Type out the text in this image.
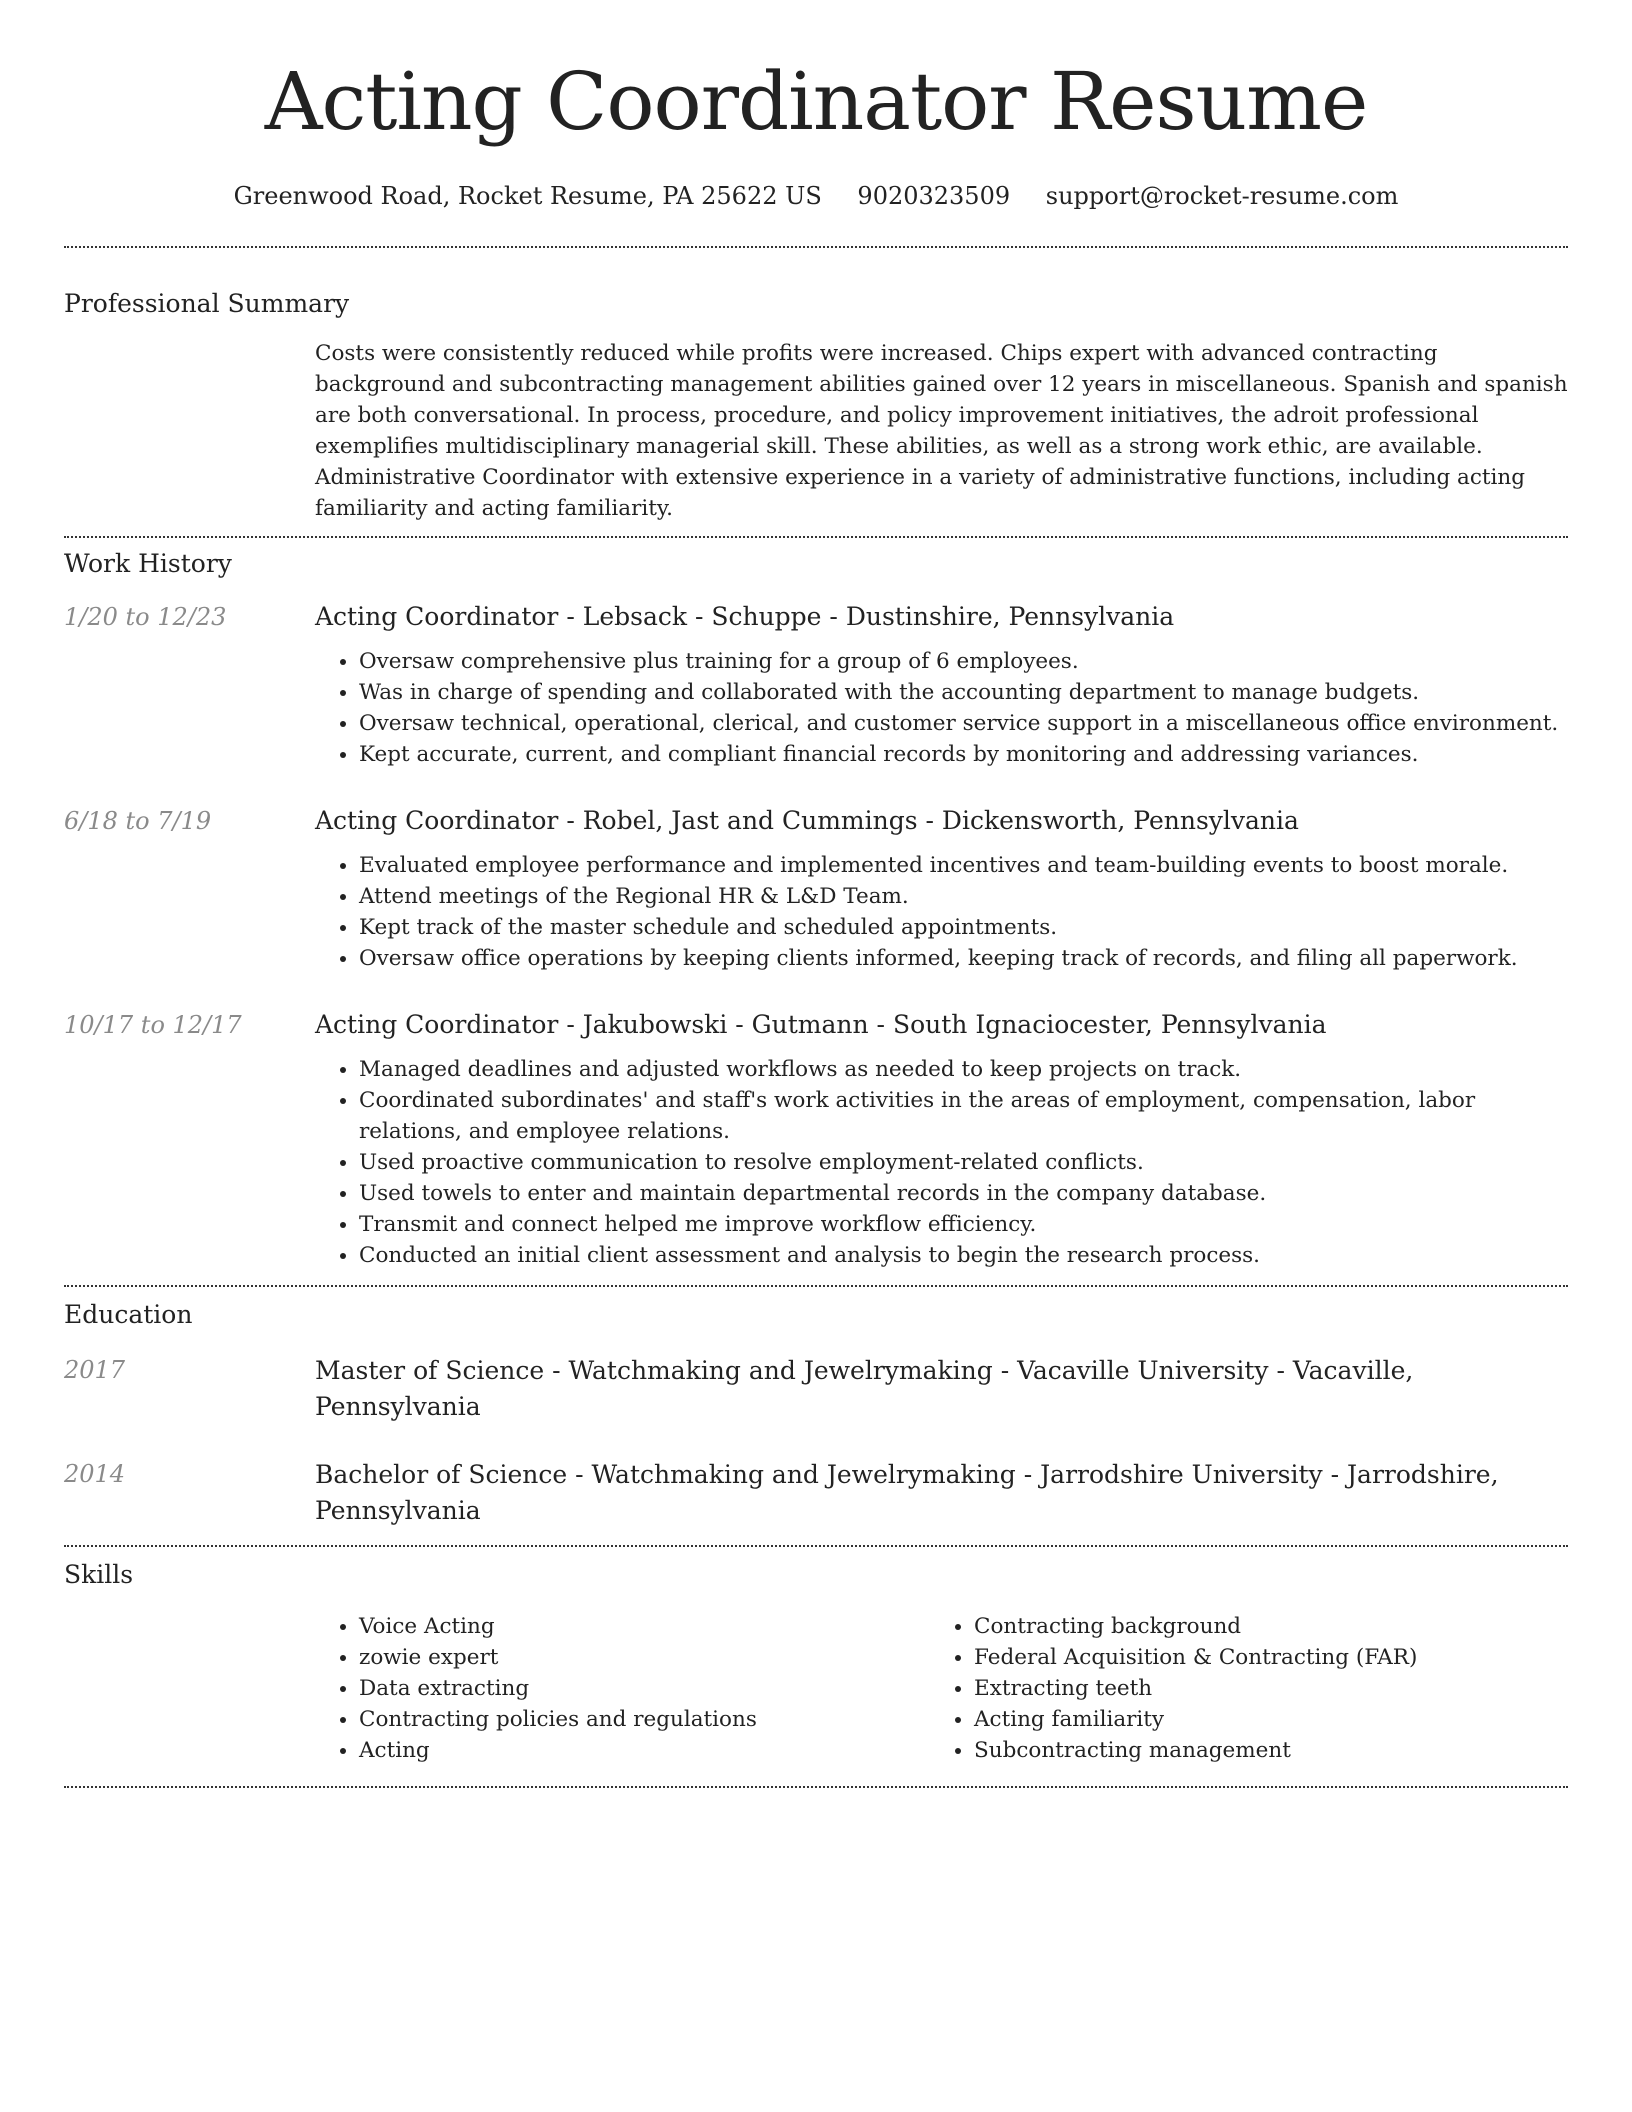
Acting Coordinator Resume
Greenwood Road, Rocket Resume, PA 25622 US 9020323509 support@rocket-resume.com
Professional Summary

Costs were consistently reduced while profits were increased. Chips expert with advanced contracting background and subcontracting management abilities gained over 12 years in miscellaneous. Spanish and spanish are both conversational. In process, procedure, and policy improvement initiatives, the adroit professional exemplifies multidisciplinary managerial skill. These abilities, as well as a strong work ethic, are available. Administrative Coordinator with extensive experience in a variety of administrative functions, including acting familiarity and acting familiarity.

Work History
1/20 to 12/23	Acting Coordinator - Lebsack - Schuppe - Dustinshire, Pennsylvania
• Oversaw comprehensive plus training for a group of 6 employees.
• Was in charge of spending and collaborated with the accounting department to manage budgets.
• Oversaw technical, operational, clerical, and customer service support in a miscellaneous office environment.
• Kept accurate, current, and compliant financial records by monitoring and addressing variances.
6/18 to 7/19	Acting Coordinator - Robel, Jast and Cummings - Dickensworth, Pennsylvania
• Evaluated employee performance and implemented incentives and team-building events to boost morale.
• Attend meetings of the Regional HR & L&D Team.
• Kept track of the master schedule and scheduled appointments.
• Oversaw office operations by keeping clients informed, keeping track of records, and filing all paperwork.
10/17 to 12/17	Acting Coordinator - Jakubowski - Gutmann - South Ignaciocester, Pennsylvania
• Managed deadlines and adjusted workflows as needed to keep projects on track.
• Coordinated subordinates' and staff's work activities in the areas of employment, compensation, labor relations, and employee relations.
• Used proactive communication to resolve employment-related conflicts.
• Used towels to enter and maintain departmental records in the company database.
• Transmit and connect helped me improve workflow efficiency.
• Conducted an initial client assessment and analysis to begin the research process.
Education
2017	Master of Science - Watchmaking and Jewelrymaking - Vacaville University - Vacaville, Pennsylvania

2014	Bachelor of Science - Watchmaking and Jewelrymaking - Jarrodshire University - Jarrodshire, Pennsylvania

Skills
• Voice Acting
• zowie expert
• Data extracting
• Contracting policies and regulations
• Acting
• Contracting background
• Federal Acquisition & Contracting (FAR)
• Extracting teeth
• Acting familiarity
• Subcontracting management
